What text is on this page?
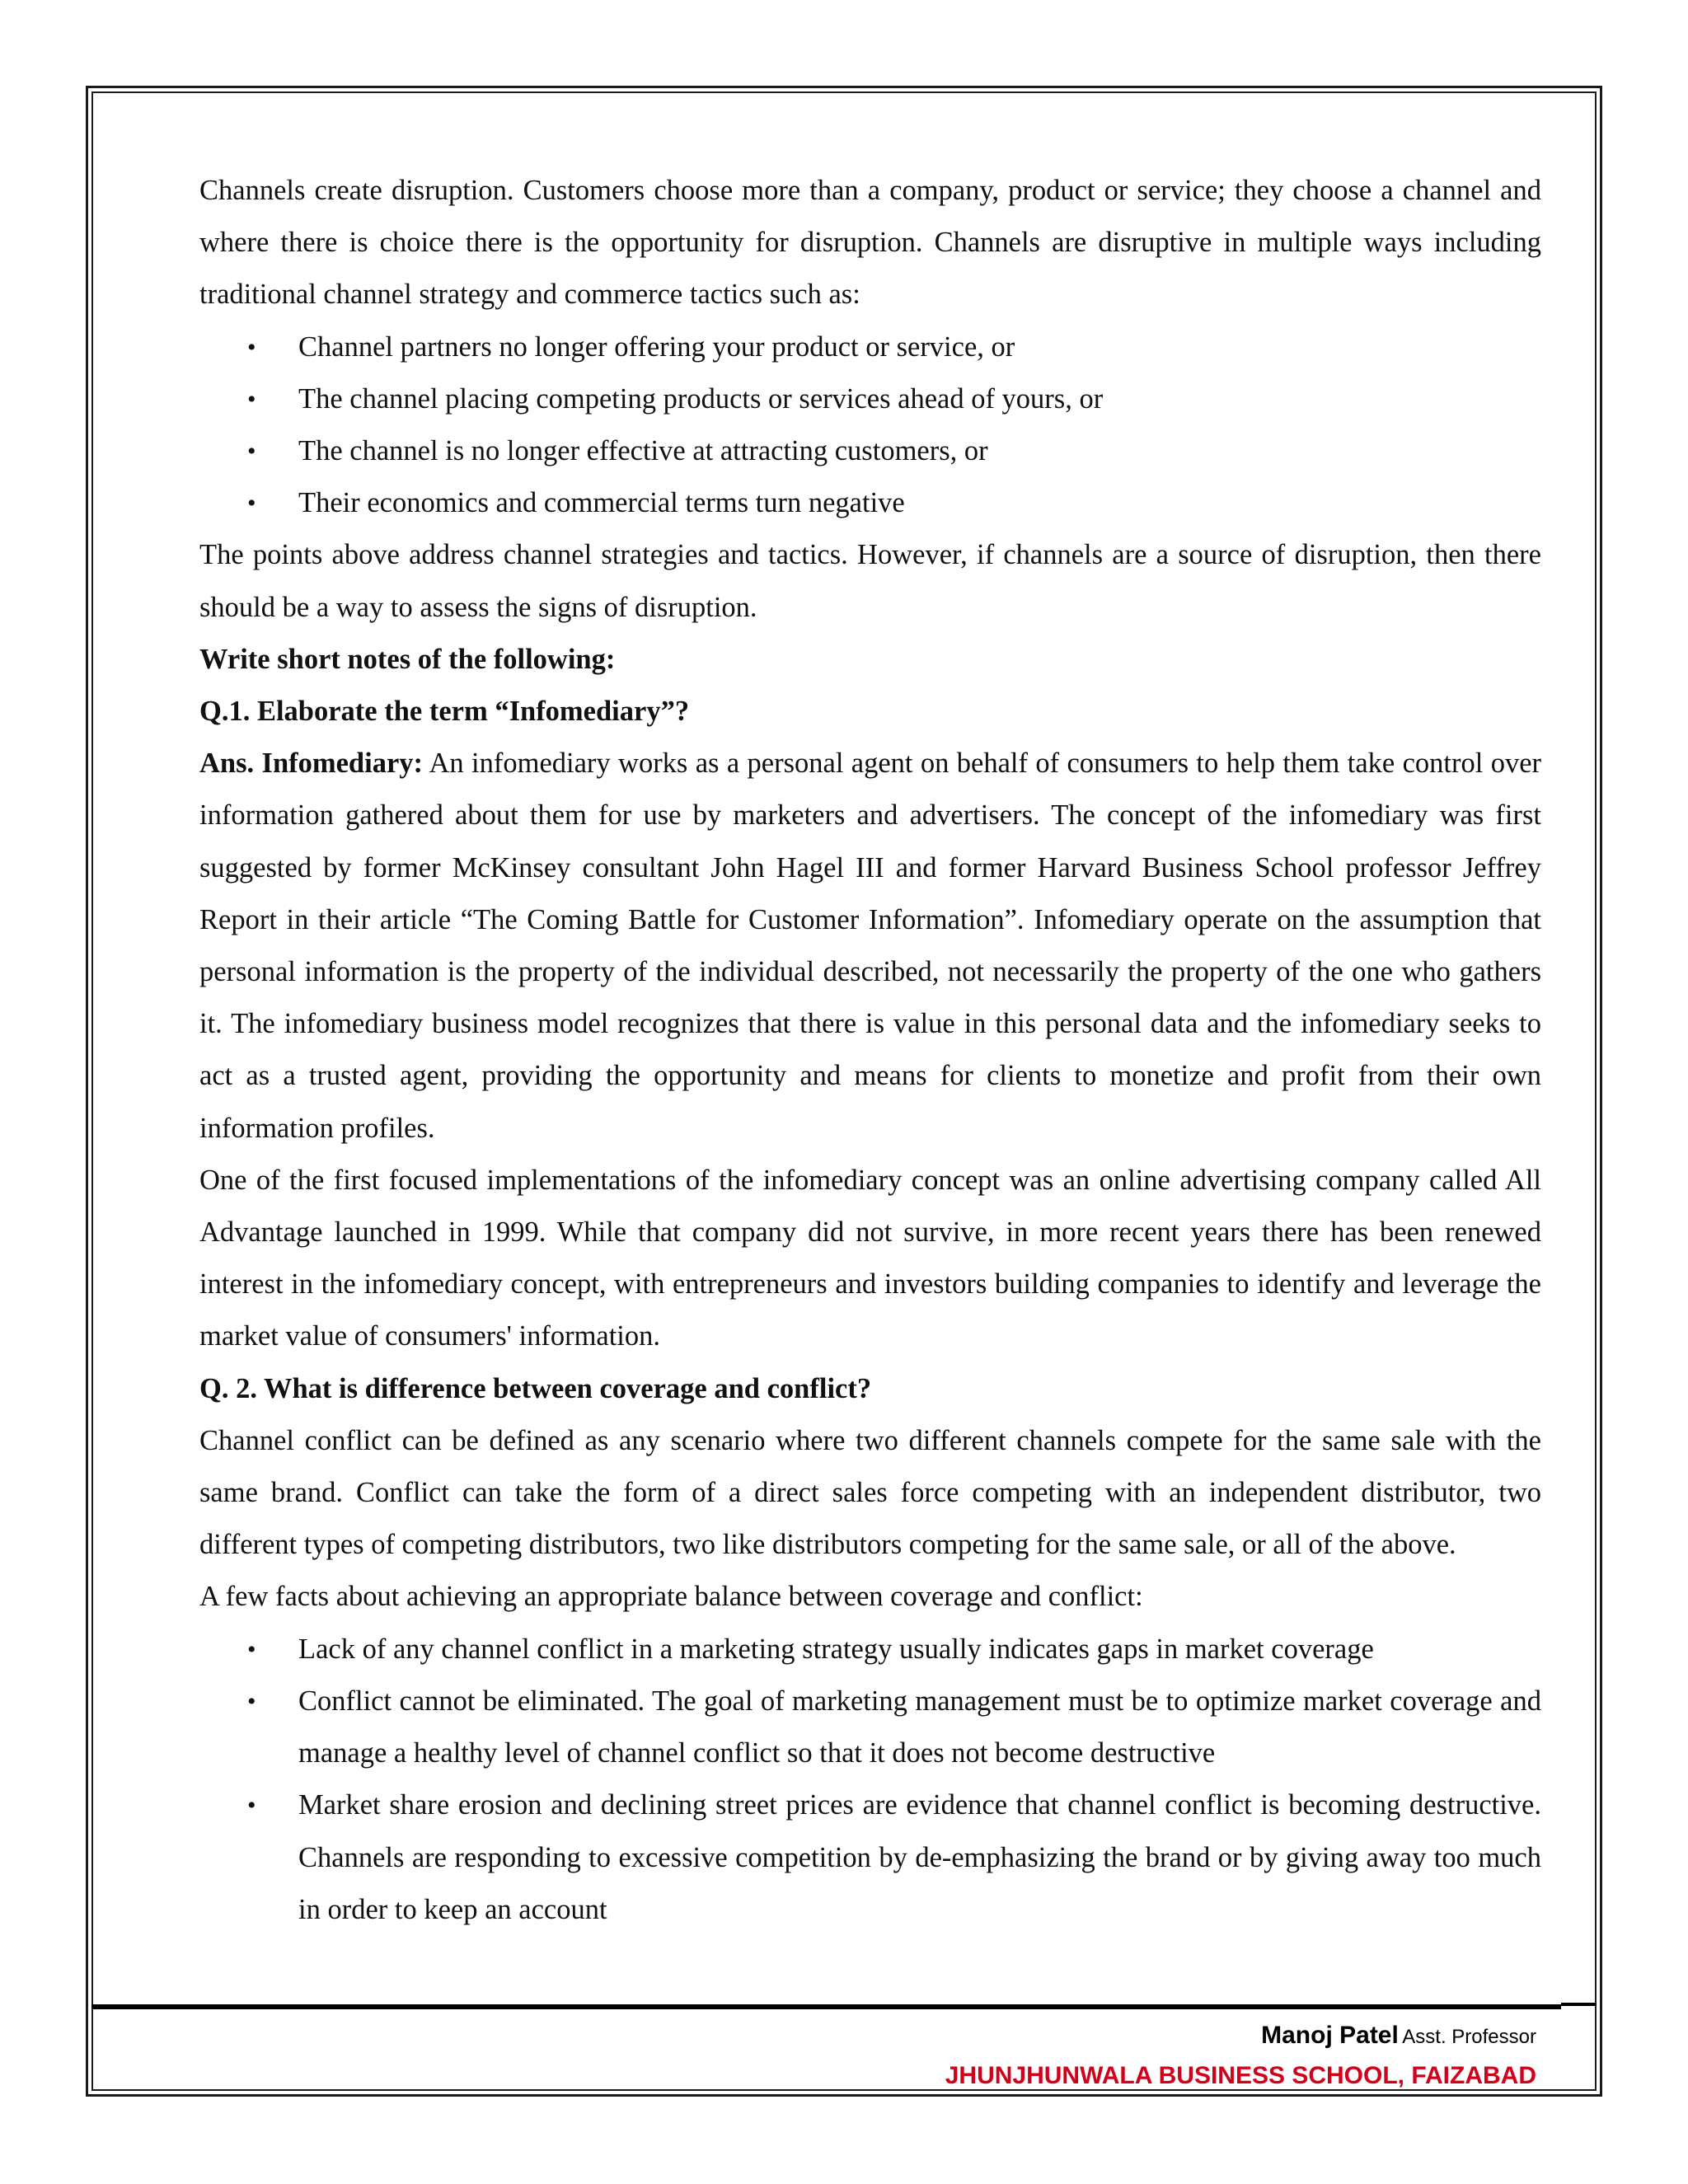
Channels create disruption. Customers choose more than a company, product or service; they choose a channel and where there is choice there is the opportunity for disruption. Channels are disruptive in multiple ways including traditional channel strategy and commerce tactics such as:

• Channel partners no longer offering your product or service, or
• The channel placing competing products or services ahead of yours, or
• The channel is no longer effective at attracting customers, or
• Their economics and commercial terms turn negative

The points above address channel strategies and tactics. However, if channels are a source of disruption, then there should be a way to assess the signs of disruption.

Write short notes of the following:

Q.1. Elaborate the term “Infomediary”?

Ans. Infomediary: An infomediary works as a personal agent on behalf of consumers to help them take control over information gathered about them for use by marketers and advertisers. The concept of the infomediary was first suggested by former McKinsey consultant John Hagel III and former Harvard Business School professor Jeffrey Report in their article “The Coming Battle for Customer Information”. Infomediary operate on the assumption that personal information is the property of the individual described, not necessarily the property of the one who gathers it. The infomediary business model recognizes that there is value in this personal data and the infomediary seeks to act as a trusted agent, providing the opportunity and means for clients to monetize and profit from their own information profiles.

One of the first focused implementations of the infomediary concept was an online advertising company called All Advantage launched in 1999. While that company did not survive, in more recent years there has been renewed interest in the infomediary concept, with entrepreneurs and investors building companies to identify and leverage the market value of consumers' information.

Q. 2. What is difference between coverage and conflict?

Channel conflict can be defined as any scenario where two different channels compete for the same sale with the same brand. Conflict can take the form of a direct sales force competing with an independent distributor, two different types of competing distributors, two like distributors competing for the same sale, or all of the above.

A few facts about achieving an appropriate balance between coverage and conflict:

• Lack of any channel conflict in a marketing strategy usually indicates gaps in market coverage
• Conflict cannot be eliminated. The goal of marketing management must be to optimize market coverage and manage a healthy level of channel conflict so that it does not become destructive
• Market share erosion and declining street prices are evidence that channel conflict is becoming destructive. Channels are responding to excessive competition by de-emphasizing the brand or by giving away too much in order to keep an account
Manoj Patel Asst. Professor
JHUNJHUNWALA BUSINESS SCHOOL, FAIZABAD
